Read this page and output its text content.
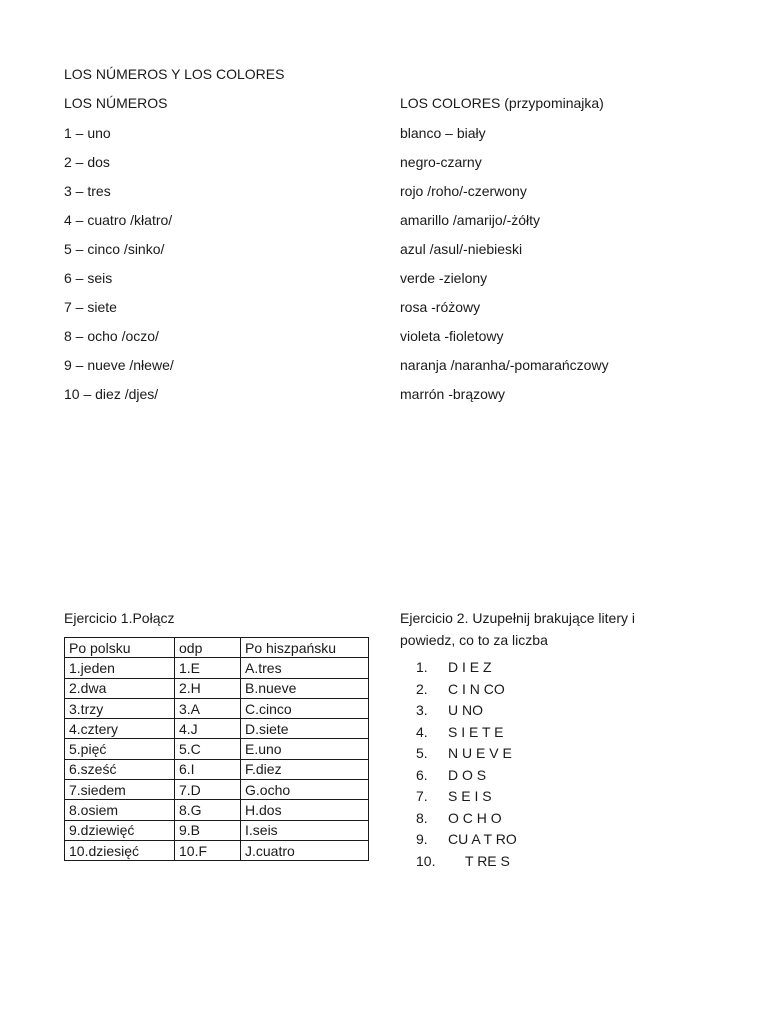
LOS NÚMEROS Y LOS COLORES
LOS NÚMEROS	LOS COLORES (przypominajka)
1 – uno
2 – dos
3 – tres
4 – cuatro /kłatro/
5 – cinco /sinko/
6 – seis
7 – siete
8 – ocho /oczo/
9 – nueve /nłewe/
10 – diez /djes/
blanco – biały
negro-czarny
rojo /roho/-czerwony
amarillo /amarijo/-żółty
azul /asul/-niebieski
verde -zielony
rosa -różowy
violeta -fioletowy
naranja /naranha/-pomarańczowy
marrón -brązowy
Ejercicio 1.Połącz
Po polsku	odp	Po hiszpańsku
1.jeden	1.E	A.tres
2.dwa	2.H	B.nueve
3.trzy	3.A	C.cinco
4.cztery	4.J	D.siete
5.pięć	5.C	E.uno
6.sześć	6.I	F.diez
7.siedem	7.D	G.ocho
8.osiem	8.G	H.dos
9.dziewięć	9.B	I.seis
10.dziesięć	10.F	J.cuatro
Ejercicio 2. Uzupełnij brakujące litery i
powiedz, co to za liczba
1. D I E Z
2. C I N CO
3. U NO
4. S I E T E
5. N U E V E
6. D O S
7. S E I S
8. O C H O
9. CU A T RO
10. T RE S
